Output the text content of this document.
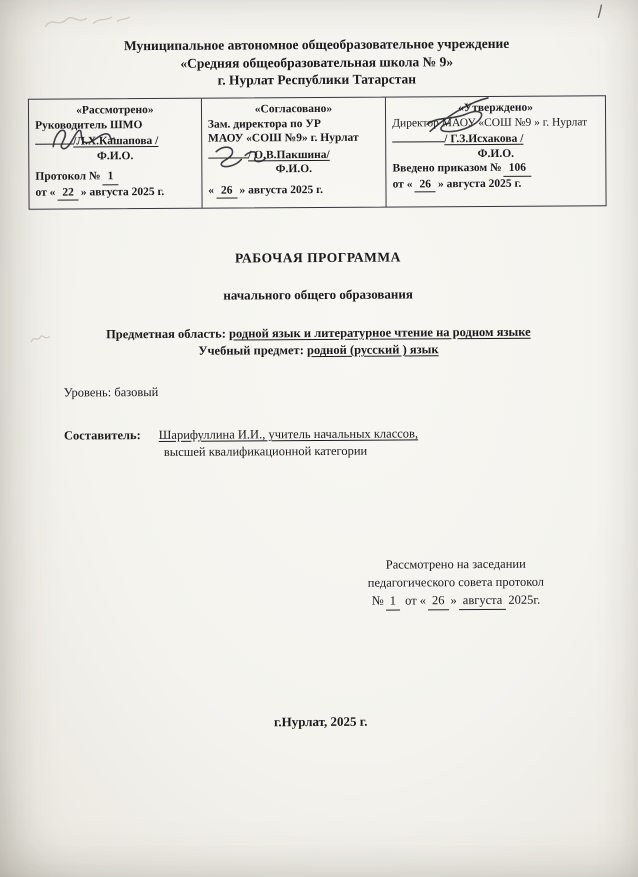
Муниципальное автономное общеобразовательное учреждение
«Средняя общеобразовательная школа № 9»
г. Нурлат Республики Татарстан
«Рассмотрено»
Руководитель ШМО
/Л.Х.Кашапова /
Ф.И.О.
Протокол № 1
от « 22 » августа 2025 г.
«Согласовано»
Зам. директора по УР
МАОУ «СОШ №9» г. Нурлат
/ О.В.Пакшина/
Ф.И.О.
« 26 » августа 2025 г.
«Утверждено»
Директор МАОУ «СОШ №9 » г. Нурлат
/ Г.З.Исхакова /
Ф.И.О.
Введено приказом № 106
от « 26 » августа 2025 г.
РАБОЧАЯ ПРОГРАММА
начального общего образования
Предметная область: родной язык и литературное чтение на родном языке
Учебный предмет: родной (русский ) язык
Уровень: базовый
Составитель: Шарифуллина И.И., учитель начальных классов,
высшей квалификационной категории
Рассмотрено на заседании
педагогического совета протокол
№ 1 от « 26 » августа 2025г.
г.Нурлат, 2025 г.
